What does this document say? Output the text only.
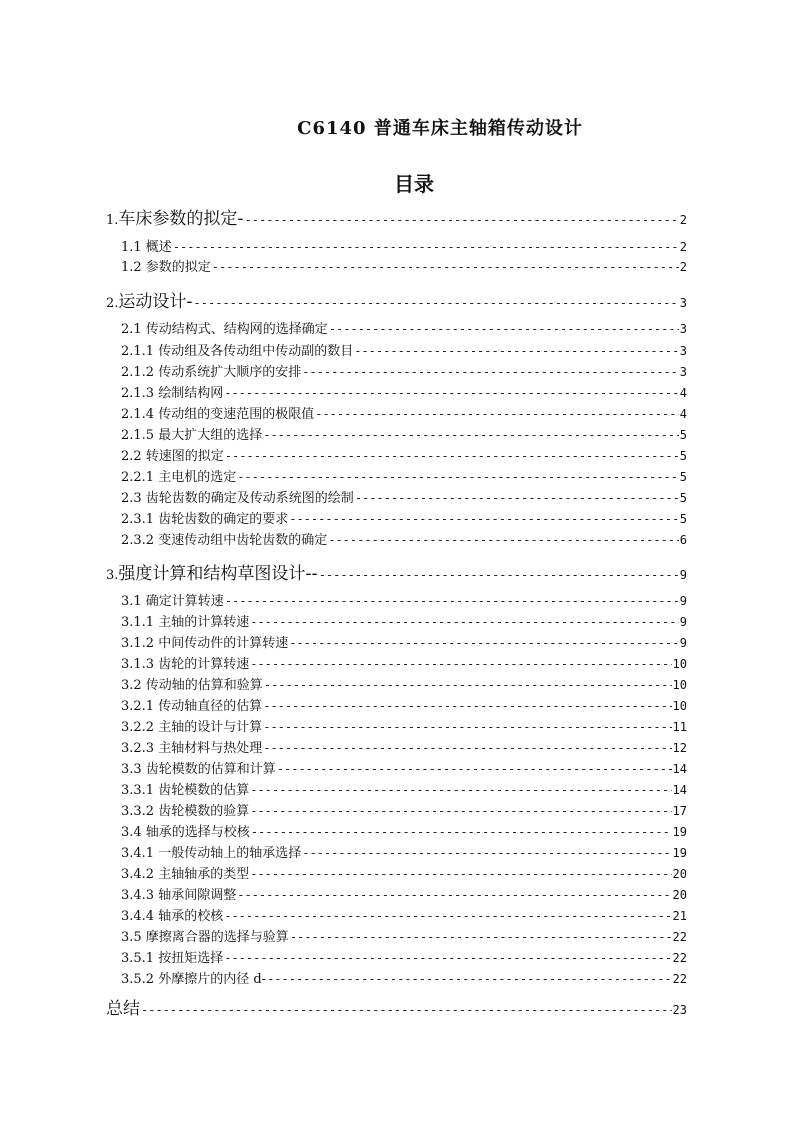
C6140 普通车床主轴箱传动设计
目录
1.车床参数的拟定- -----	2
1.1 概述 -----	2
1.2 参数的拟定 -----	2
2.运动设计- -----	3
2.1 传动结构式、结构网的选择确定 -----	3
2.1.1 传动组及各传动组中传动副的数目 -----	3
2.1.2 传动系统扩大顺序的安排 -----	3
2.1.3 绘制结构网 -----	4
2.1.4 传动组的变速范围的极限值 -----	4
2.1.5 最大扩大组的选择 -----	5
2.2 转速图的拟定 -----	5
2.2.1 主电机的选定 -----	5
2.3 齿轮齿数的确定及传动系统图的绘制 -----	5
2.3.1 齿轮齿数的确定的要求 -----	5
2.3.2 变速传动组中齿轮齿数的确定 -----	6
3.强度计算和结构草图设计-- -----	9
3.1 确定计算转速 -----	9
3.1.1 主轴的计算转速 -----	9
3.1.2 中间传动件的计算转速 -----	9
3.1.3 齿轮的计算转速 -----	10
3.2 传动轴的估算和验算 -----	10
3.2.1 传动轴直径的估算 -----	10
3.2.2 主轴的设计与计算 -----	11
3.2.3 主轴材料与热处理 -----	12
3.3 齿轮模数的估算和计算 -----	14
3.3.1 齿轮模数的估算 -----	14
3.3.2 齿轮模数的验算 -----	17
3.4 轴承的选择与校核 -----	19
3.4.1 一般传动轴上的轴承选择 -----	19
3.4.2 主轴轴承的类型 -----	20
3.4.3 轴承间隙调整 -----	20
3.4.4 轴承的校核 -----	21
3.5 摩擦离合器的选择与验算 -----	22
3.5.1 按扭矩选择 -----	22
3.5.2 外摩擦片的内径 d- -----	22
总结 -----	23
